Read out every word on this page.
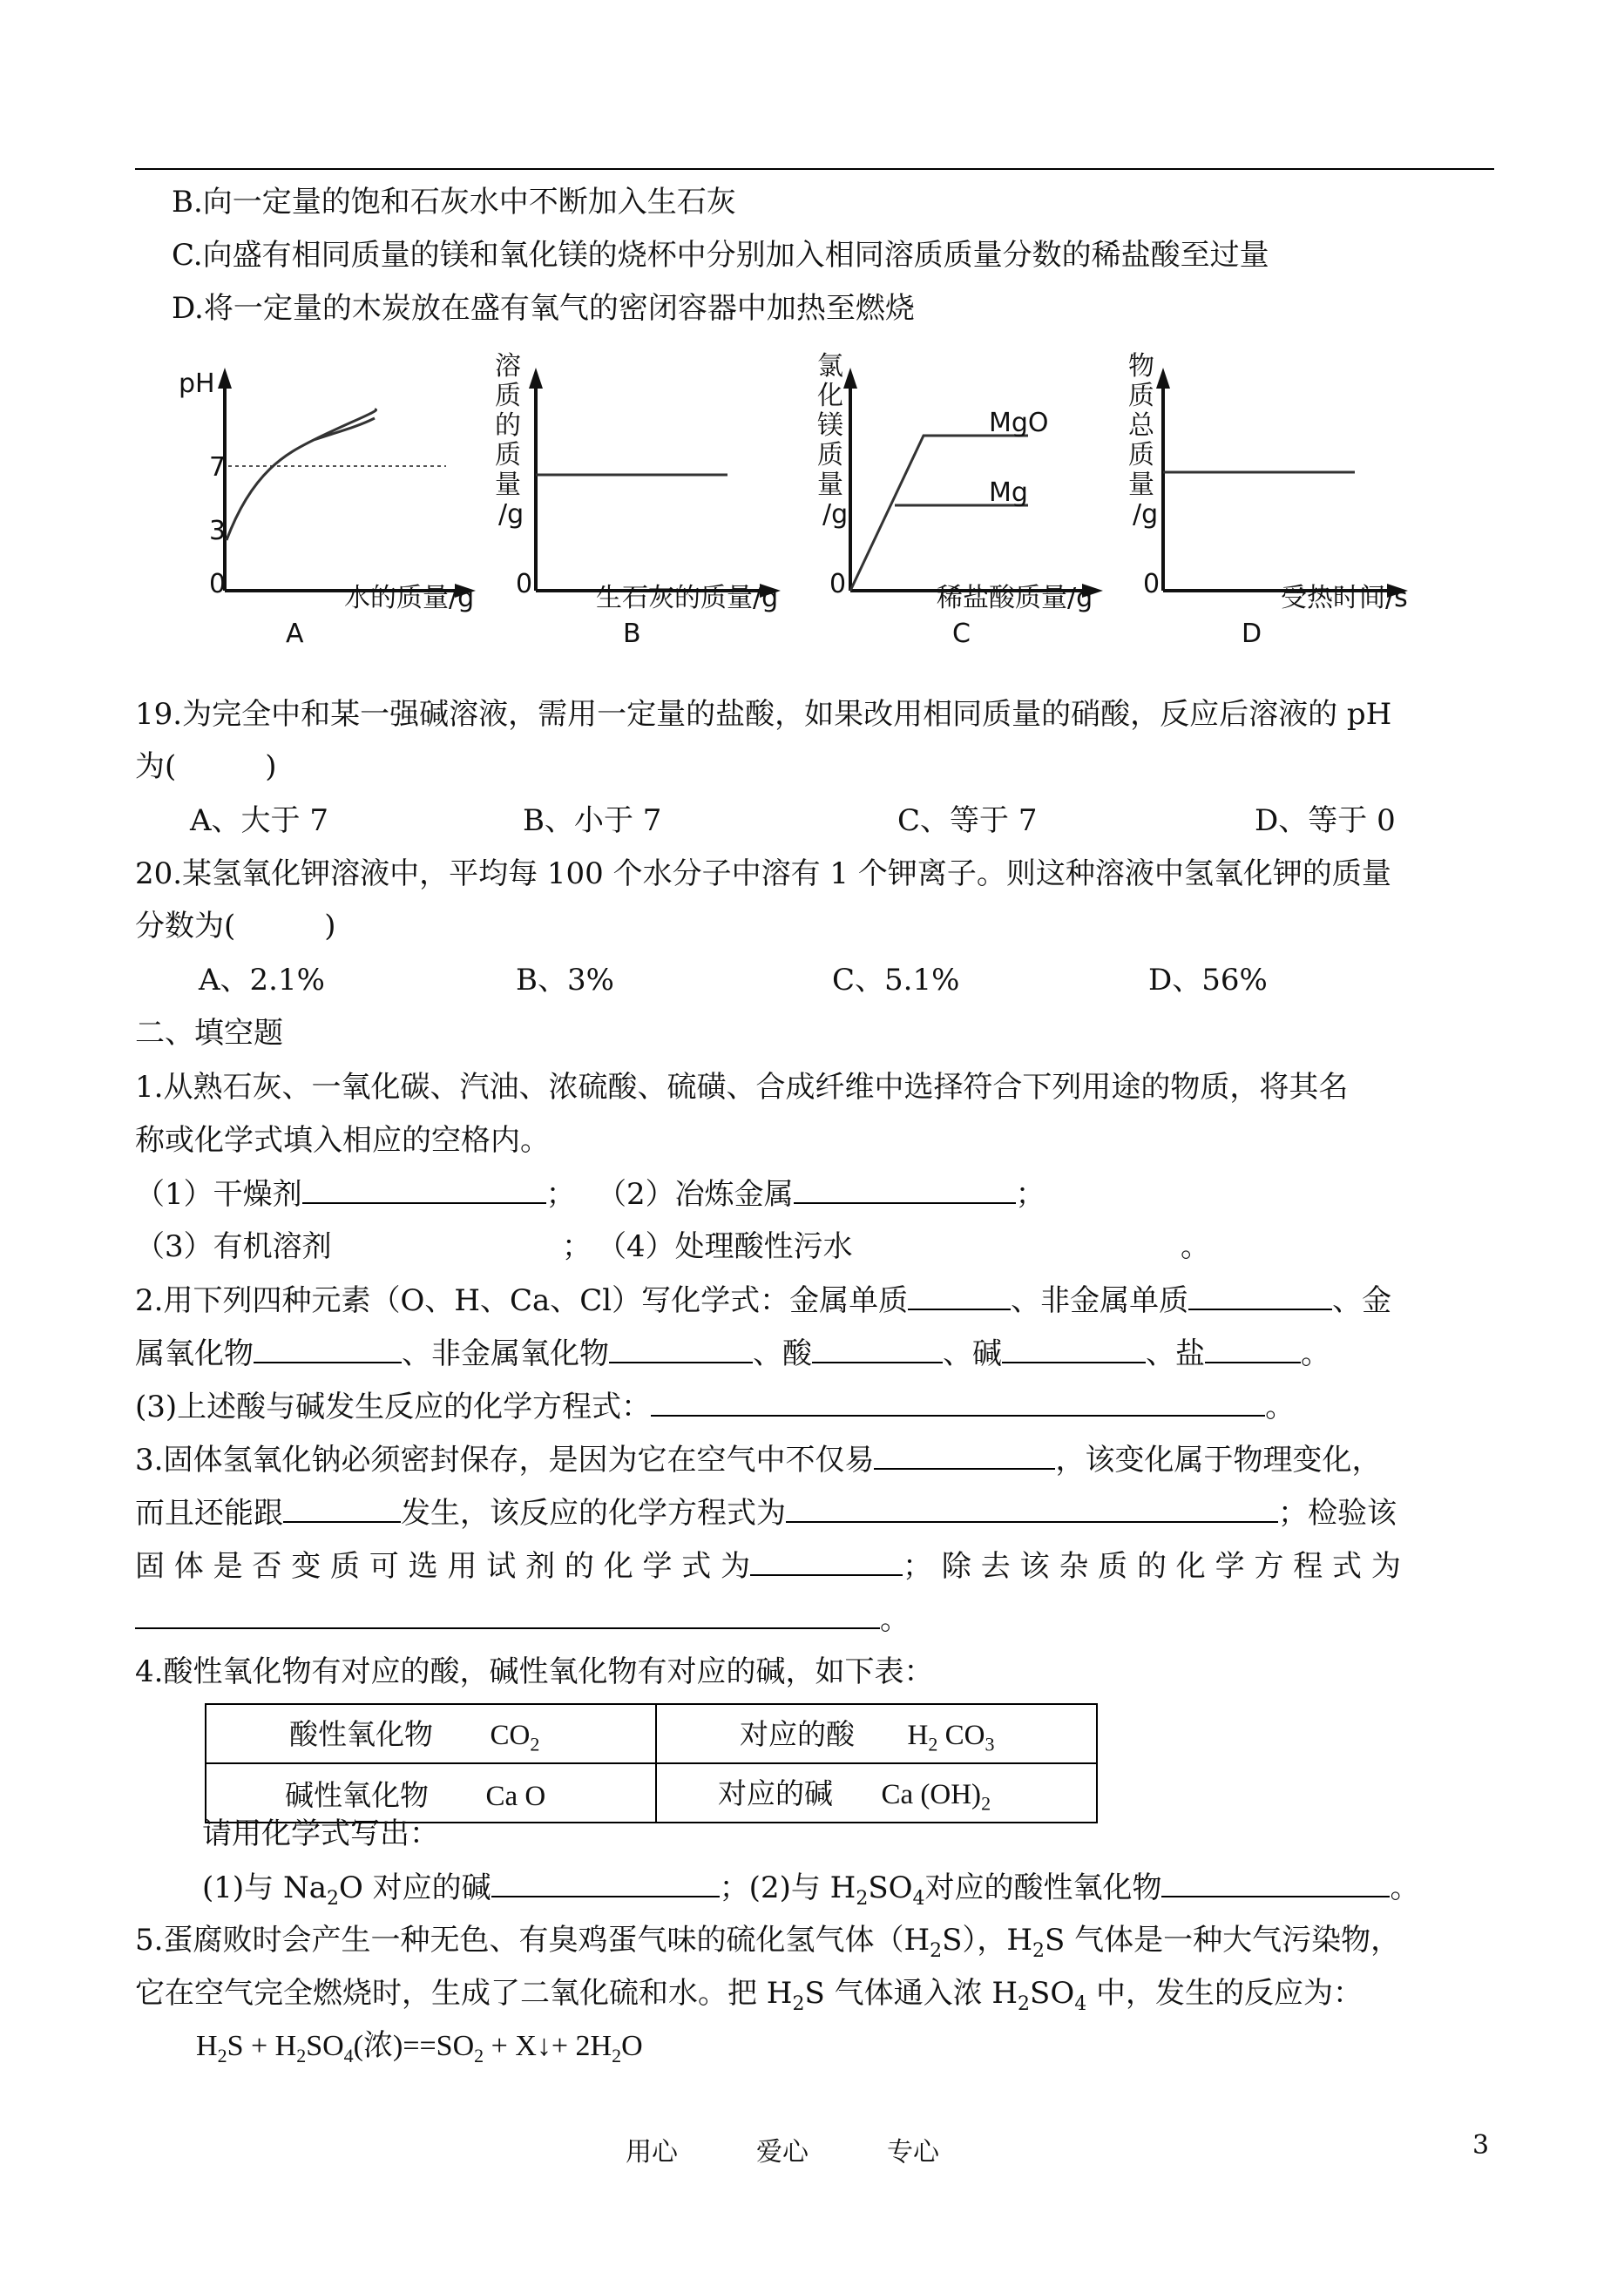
B.向一定量的饱和石灰水中不断加入生石灰
C.向盛有相同质量的镁和氧化镁的烧杯中分别加入相同溶质质量分数的稀盐酸至过量
D.将一定量的木炭放在盛有氧气的密闭容器中加热至燃烧
pH
7
3
0	水的质量/g
A
溶质的质量/g
0 生石灰的质量/g
B
氯化镁质量/g
MgO
Mg
0	稀盐酸质量/g
C
物质总质量/g
0	受热时间/s
D
19.为完全中和某一强碱溶液，需用一定量的盐酸，如果改用相同质量的硝酸，反应后溶液的 pH
为(　　　)
A、大于 7	B、小于 7	C、等于 7	D、等于 0
20.某氢氧化钾溶液中，平均每 100 个水分子中溶有 1 个钾离子。则这种溶液中氢氧化钾的质量
分数为(　　　)
A、2.1%	B、3%	C、5.1%	D、56%
二、填空题
1.从熟石灰、一氧化碳、汽油、浓硫酸、硫磺、合成纤维中选择符合下列用途的物质，将其名
称或化学式填入相应的空格内。
（1）干燥剂	； （2）冶炼金属	；
（3）有机溶剂	； （4）处理酸性污水	。
2.用下列四种元素（O、H、Ca、Cl）写化学式：金属单质	、非金属单质	、金
属氧化物	、非金属氧化物	、酸	、碱	、盐	。
(3)上述酸与碱发生反应的化学方程式：	。
3.固体氢氧化钠必须密封保存，是因为它在空气中不仅易	，该变化属于物理变化，
而且还能跟	发生，该反应的化学方程式为	；检验该
固 体 是 否 变 质 可 选 用 试 剂 的 化 学 式 为	； 除 去 该 杂 质 的 化 学 方 程 式 为
。
4.酸性氧化物有对应的酸，碱性氧化物有对应的碱，如下表：
酸性氧化物 $CO_2$	对应的酸 $H_2$ $CO_3$
碱性氧化物 Ca O	对应的碱 Ca $(OH)_2$
请用化学式写出：
(1)与 $Na_2O$ 对应的碱	；(2)与 $H_2SO_4$对应的酸性氧化物	。
5.蛋腐败时会产生一种无色、有臭鸡蛋气味的硫化氢气体$(H_2S)$，$H_2S$ 气体是一种大气污染物，
它在空气完全燃烧时，生成了二氧化硫和水。把 $H_2S$ 气体通入浓 $H_2SO_4$ 中，发生的反应为：
$H_2S + H_2SO_4$(浓)$==SO_2$ + X↓+ $2H_2O$
用心　　　爱心　　　专心	3
